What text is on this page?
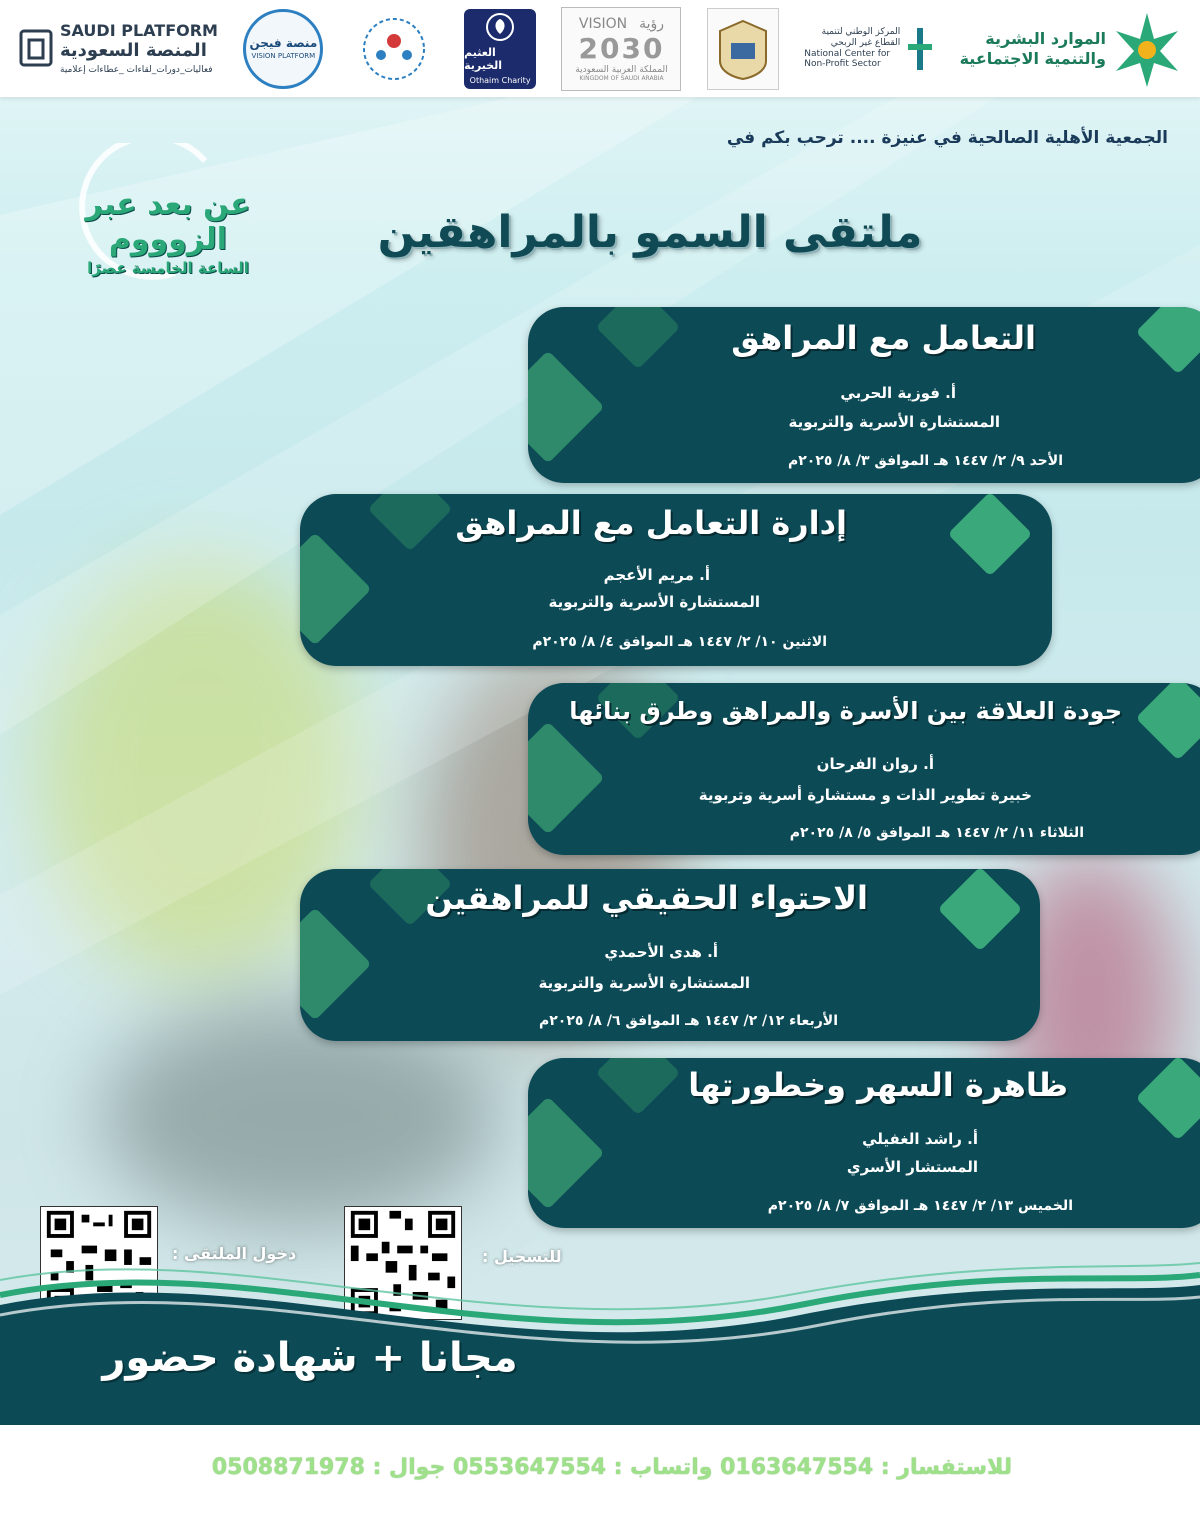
SAUDI PLATFORM
المنصة السعودية
فعاليات_دورات_لقاءات _عطاءات إعلامية
منصة فيجن
VISION PLATFORM	العثيم الخيرية
Othaim Charity
VISION رؤية
2030
المملكة العربية السعودية
KINGDOM OF SAUDI ARABIA
المركز الوطني لتنمية القطاع غير الربحي
National Center for Non-Profit Sector
الموارد البشرية
والتنمية الاجتماعية
الجمعية الأهلية الصالحية في عنيزة .... ترحب بكم في
عن بعد عبر الزوووم
الساعة الخامسة عصرًا
ملتقى السمو بالمراهقين
التعامل مع المراهق
أ. فوزية الحربي
المستشارة الأسرية والتربوية
الأحد ٩/ ٢/ ١٤٤٧ هـ الموافق ٣/ ٨/ ٢٠٢٥م
إدارة التعامل مع المراهق
أ. مريم الأعجم
المستشارة الأسرية والتربوية
الاثنين ١٠/ ٢/ ١٤٤٧ هـ الموافق ٤/ ٨/ ٢٠٢٥م
جودة العلاقة بين الأسرة والمراهق وطرق بنائها
أ. روان الفرحان
خبيرة تطوير الذات و مستشارة أسرية وتربوية
الثلاثاء ١١/ ٢/ ١٤٤٧ هـ الموافق ٥/ ٨/ ٢٠٢٥م
الاحتواء الحقيقي للمراهقين
أ. هدى الأحمدي
المستشارة الأسرية والتربوية
الأربعاء ١٢/ ٢/ ١٤٤٧ هـ الموافق ٦/ ٨/ ٢٠٢٥م
ظاهرة السهر وخطورتها
أ. راشد الغفيلي
المستشار الأسري
الخميس ١٣/ ٢/ ١٤٤٧ هـ الموافق ٧/ ٨/ ٢٠٢٥م
دخول الملتقى :	للتسجيل :
مجانا + شهادة حضور
للاستفسار : 0163647554 واتساب : 0553647554 جوال : 0508871978
